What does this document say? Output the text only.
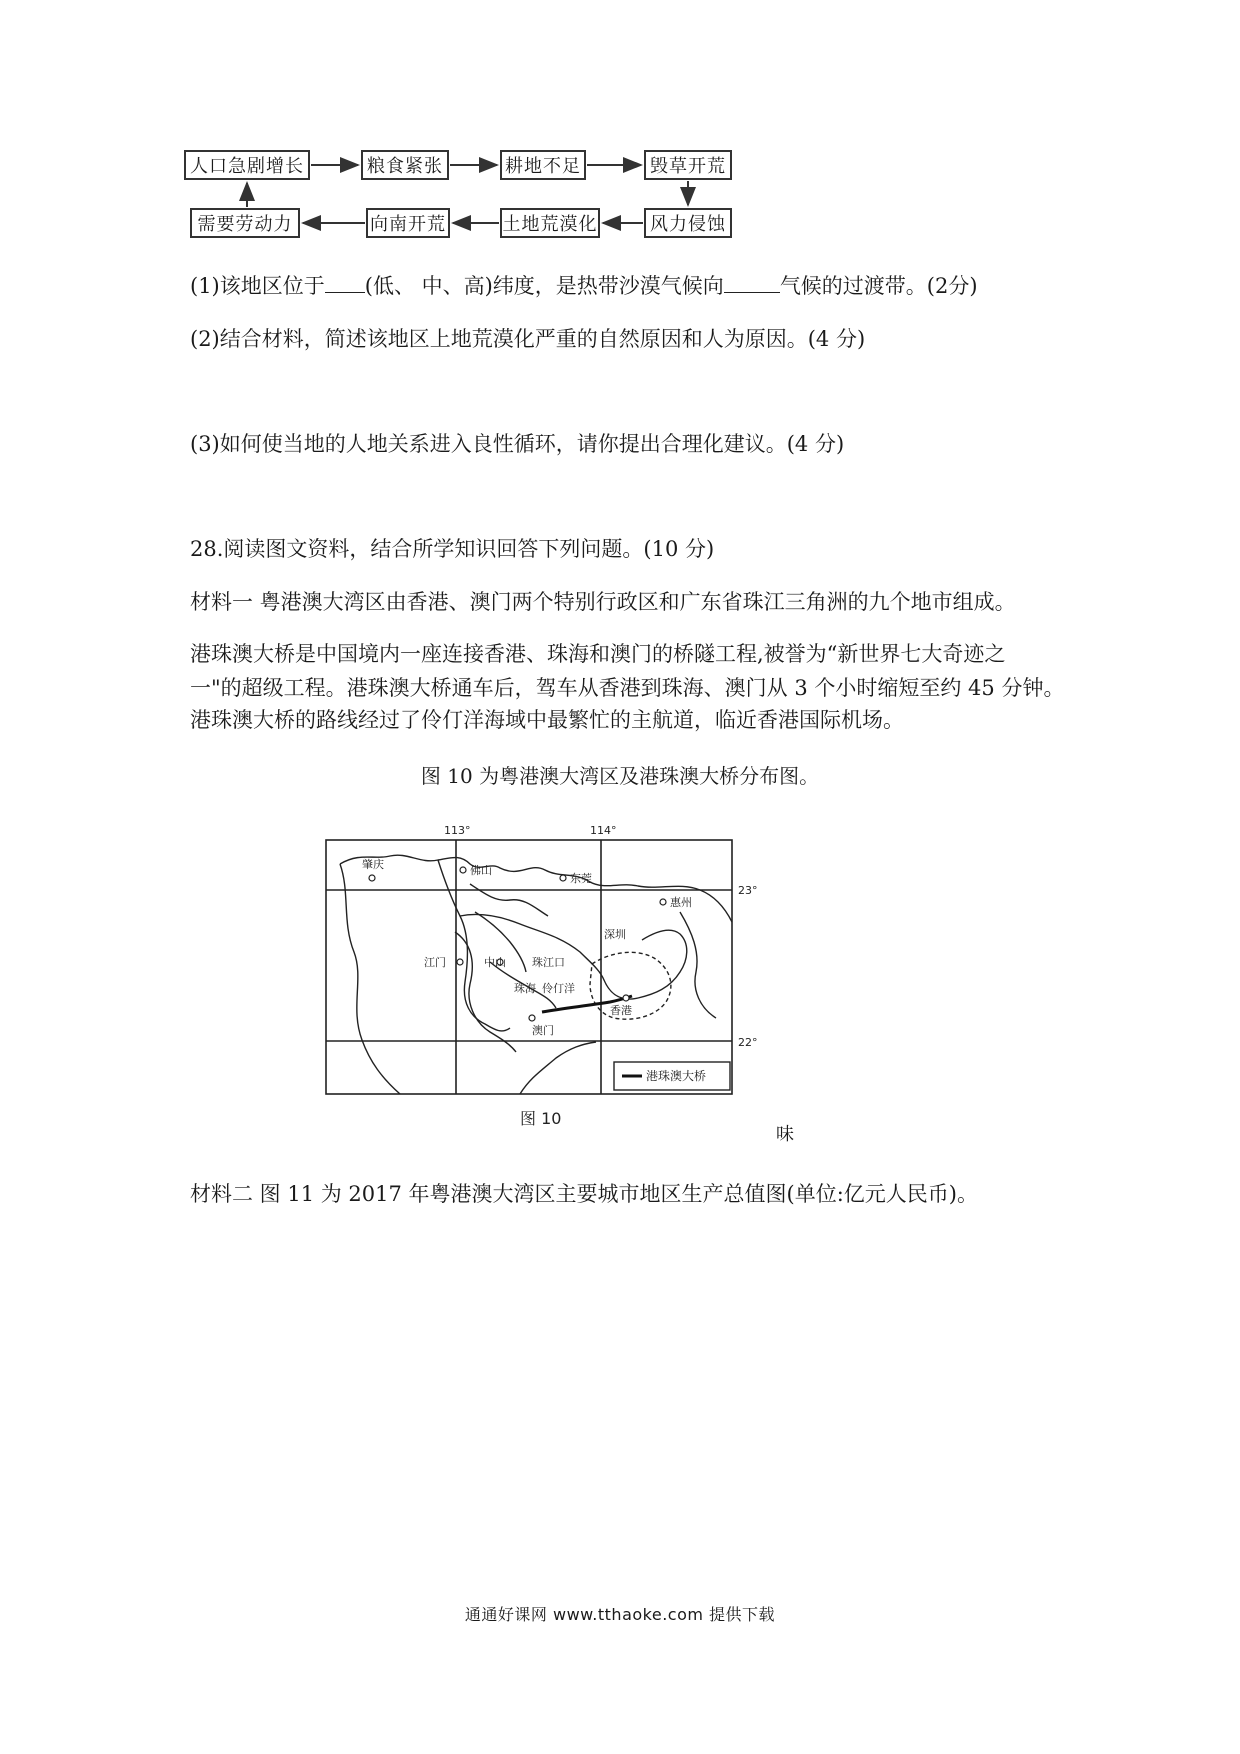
人口急剧增长	粮食紧张	耕地不足	毁草开荒
风力侵蚀
土地荒漠化
向南开荒
需要劳动力
(1)该地区位于 (低、 中、高)纬度，是热带沙漠气候向	气候的过渡带。(2分)
(2)结合材料，简述该地区上地荒漠化严重的自然原因和人为原因。(4 分)
(3)如何使当地的人地关系进入良性循环，请你提出合理化建议。(4 分)
28.阅读图文资料，结合所学知识回答下列问题。(10 分)
材料一 粤港澳大湾区由香港、澳门两个特别行政区和广东省珠江三角洲的九个地市组成。
港珠澳大桥是中国境内一座连接香港、珠海和澳门的桥隧工程,被誉为“新世界七大奇迹之
一"的超级工程。港珠澳大桥通车后，驾车从香港到珠海、澳门从 3 个小时缩短至约 45 分钟。
港珠澳大桥的路线经过了伶仃洋海域中最繁忙的主航道，临近香港国际机场。
图 10 为粤港澳大湾区及港珠澳大桥分布图。
113°	114°
23°
22°
肇庆	佛山
东莞
惠州
深圳
江门	中山 珠江口
珠海 伶仃洋
香港
澳门
港珠澳大桥
图 10
味
材料二 图 11 为 2017 年粤港澳大湾区主要城市地区生产总值图(单位:亿元人民币)。
通通好课网 www.tthaoke.com 提供下载
